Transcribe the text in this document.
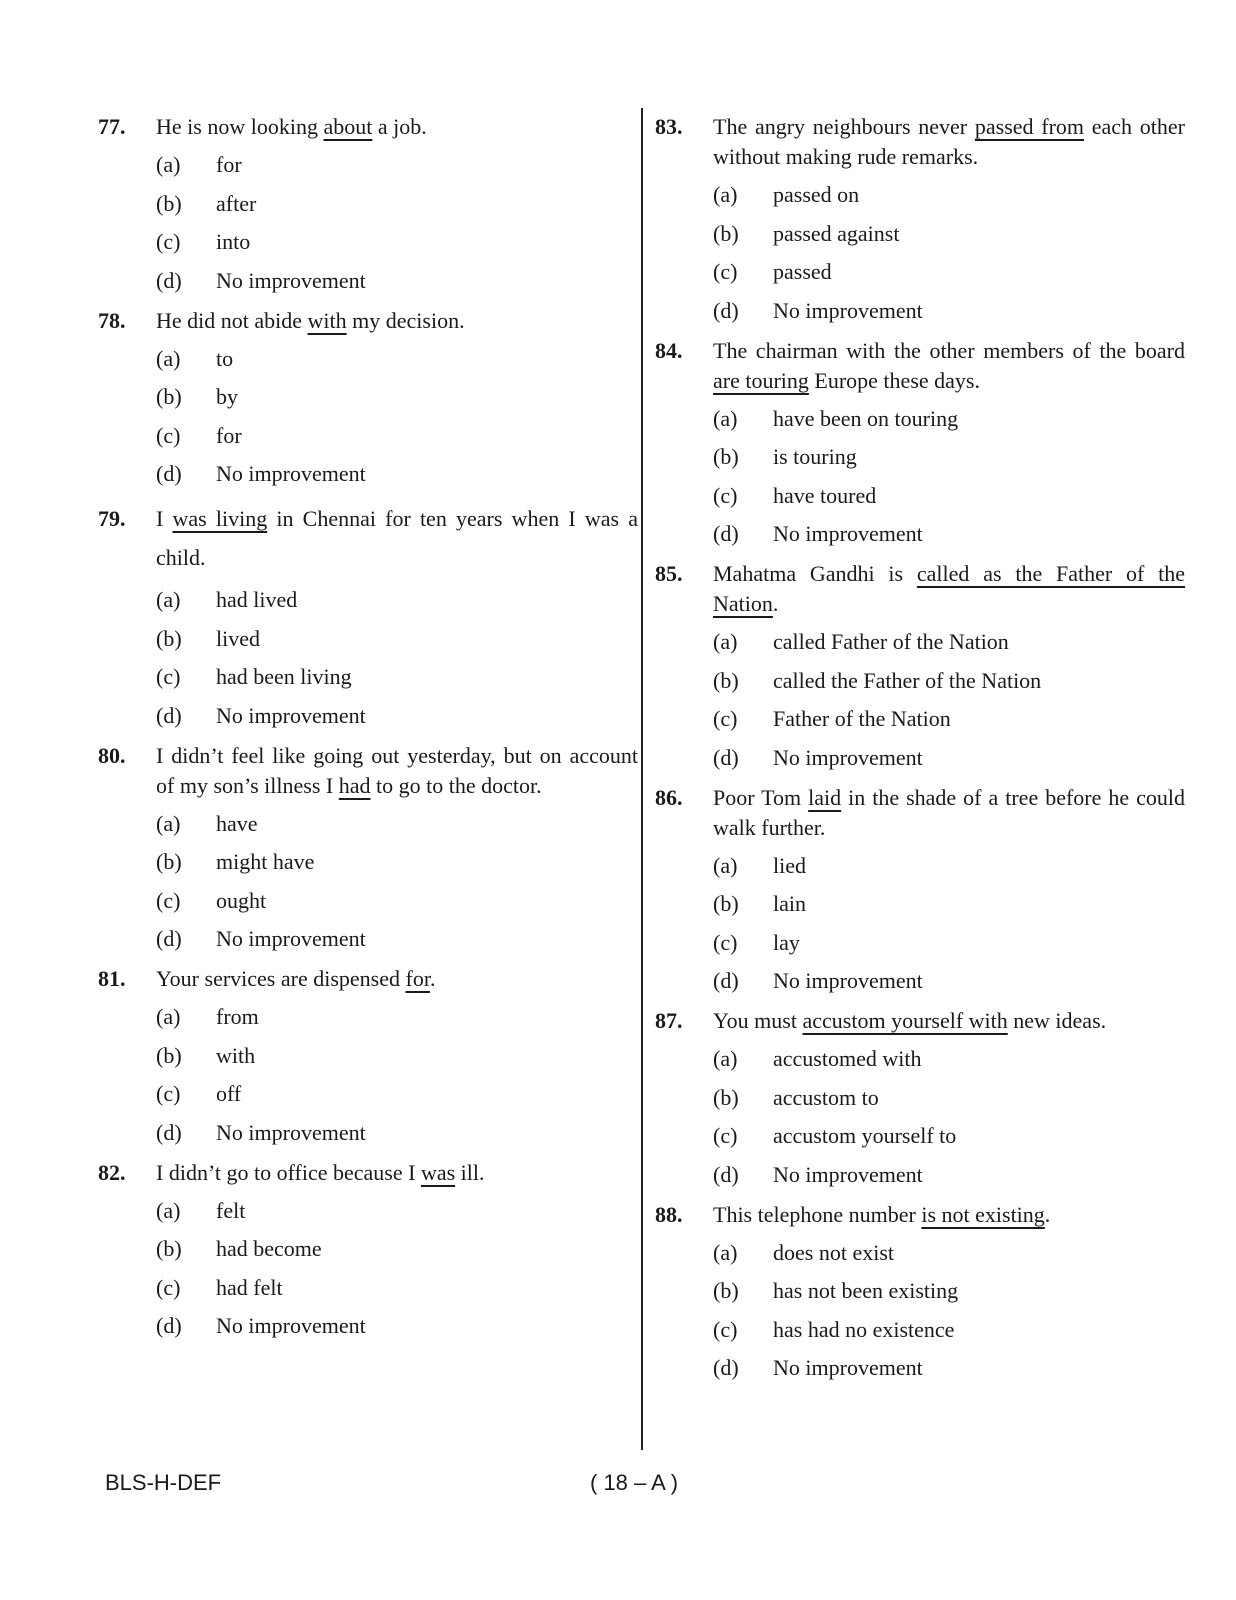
77.	He is now looking about a job.
(a)	for
(b)	after
(c)	into
(d)	No improvement
78.	He did not abide with my decision.
(a)	to
(b)	by
(c)	for
(d)	No improvement
79.	I was living in Chennai for ten years when I was a child.
(a)	had lived
(b)	lived
(c)	had been living
(d)	No improvement
80.	I didn’t feel like going out yesterday, but on account of my son’s illness I had to go to the doctor.
(a)	have
(b)	might have
(c)	ought
(d)	No improvement
81.	Your services are dispensed for.
(a)	from
(b)	with
(c)	off
(d)	No improvement
82.	I didn’t go to office because I was ill.
(a)	felt
(b)	had become
(c)	had felt
(d)	No improvement
83.	The angry neighbours never passed from each other without making rude remarks.
(a)	passed on
(b)	passed against
(c)	passed
(d)	No improvement
84.	The chairman with the other members of the board are touring Europe these days.
(a)	have been on touring
(b)	is touring
(c)	have toured
(d)	No improvement
85.	Mahatma Gandhi is called as the Father of the Nation.
(a)	called Father of the Nation
(b)	called the Father of the Nation
(c)	Father of the Nation
(d)	No improvement
86.	Poor Tom laid in the shade of a tree before he could walk further.
(a)	lied
(b)	lain
(c)	lay
(d)	No improvement
87.	You must accustom yourself with new ideas.
(a)	accustomed with
(b)	accustom to
(c)	accustom yourself to
(d)	No improvement
88.	This telephone number is not existing.
(a)	does not exist
(b)	has not been existing
(c)	has had no existence
(d)	No improvement
BLS-H-DEF	( 18 – A )
